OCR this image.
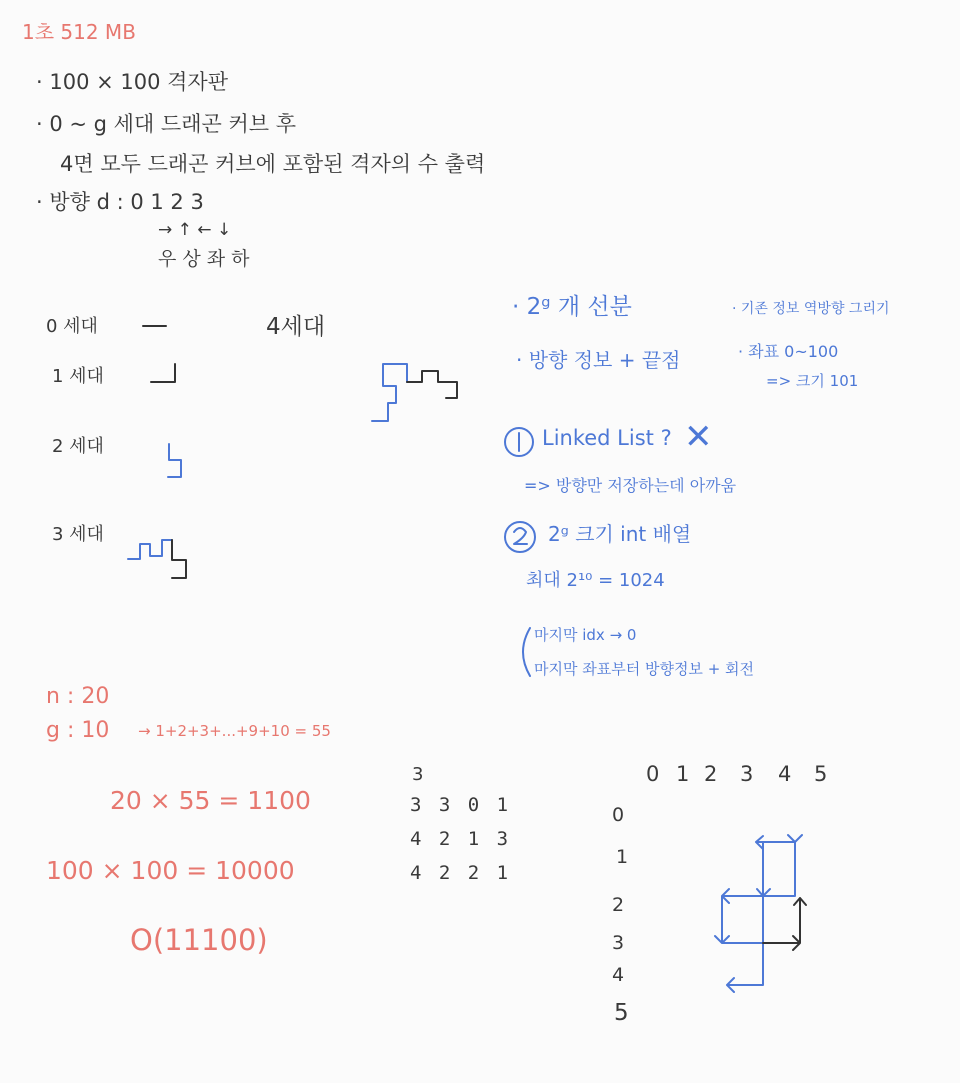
1초 512 MB
· 100 × 100 격자판
· 0 ~ g 세대 드래곤 커브 후
4면 모두 드래곤 커브에 포함된 격자의 수 출력
· 방향 d : 0 1 2 3
→ ↑ ← ↓
우 상 좌 하
0 세대
1 세대
2 세대
3 세대
4세대
· 2ᵍ 개 선분	· 기존 정보 역방향 그리기
· 방향 정보 + 끝점	· 좌표 0~100
=> 크기 101
Linked List ? ✕
=> 방향만 저장하는데 아까움
2ᵍ 크기 int 배열
최대 2¹⁰ = 1024
마지막 idx → 0
마지막 좌표부터 방향정보 + 회전
n : 20
g : 10 → 1+2+3+...+9+10 = 55
20 × 55 = 1100
100 × 100 = 10000
O(11100)
3
3 3 0 1
4 2 1 3
4 2 2 1
0 1 2 3 4 5
0
1
2
3
4
5
